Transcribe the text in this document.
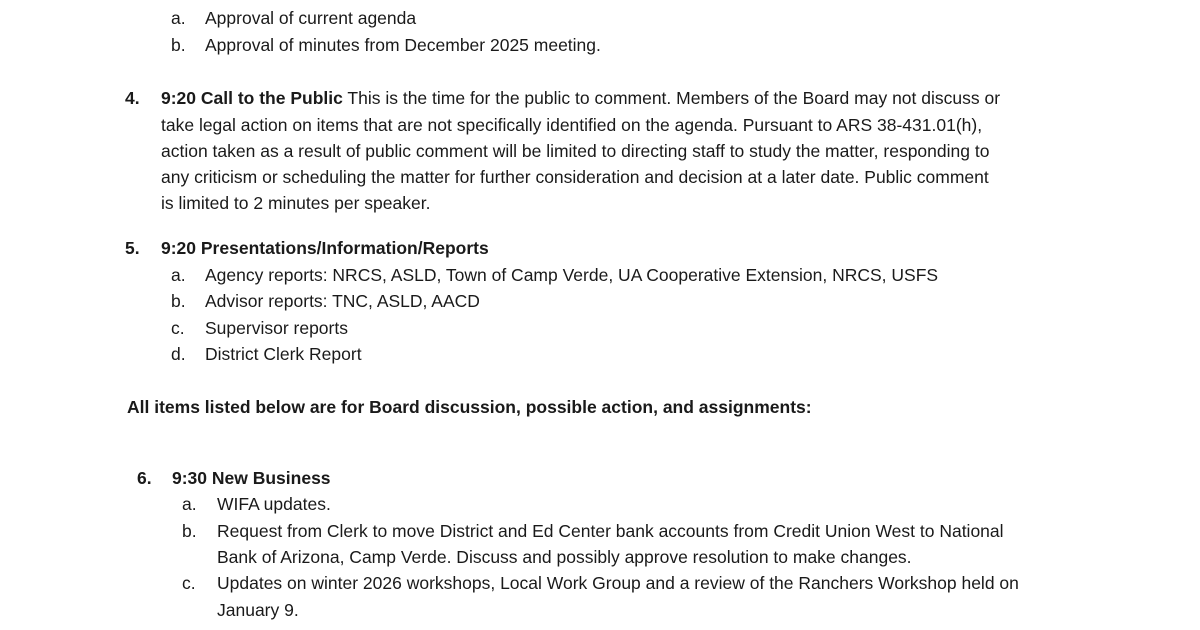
a. Approval of current agenda
b. Approval of minutes from December 2025 meeting.
4. 9:20 Call to the Public This is the time for the public to comment. Members of the Board may not discuss or
take legal action on items that are not specifically identified on the agenda. Pursuant to ARS 38-431.01(h),
action taken as a result of public comment will be limited to directing staff to study the matter, responding to
any criticism or scheduling the matter for further consideration and decision at a later date. Public comment
is limited to 2 minutes per speaker.
5. 9:20 Presentations/Information/Reports
a. Agency reports: NRCS, ASLD, Town of Camp Verde, UA Cooperative Extension, NRCS, USFS
b. Advisor reports: TNC, ASLD, AACD
c. Supervisor reports
d. District Clerk Report
All items listed below are for Board discussion, possible action, and assignments:
6. 9:30 New Business
a. WIFA updates.
b. Request from Clerk to move District and Ed Center bank accounts from Credit Union West to National
Bank of Arizona, Camp Verde. Discuss and possibly approve resolution to make changes.
c. Updates on winter 2026 workshops, Local Work Group and a review of the Ranchers Workshop held on
January 9.
